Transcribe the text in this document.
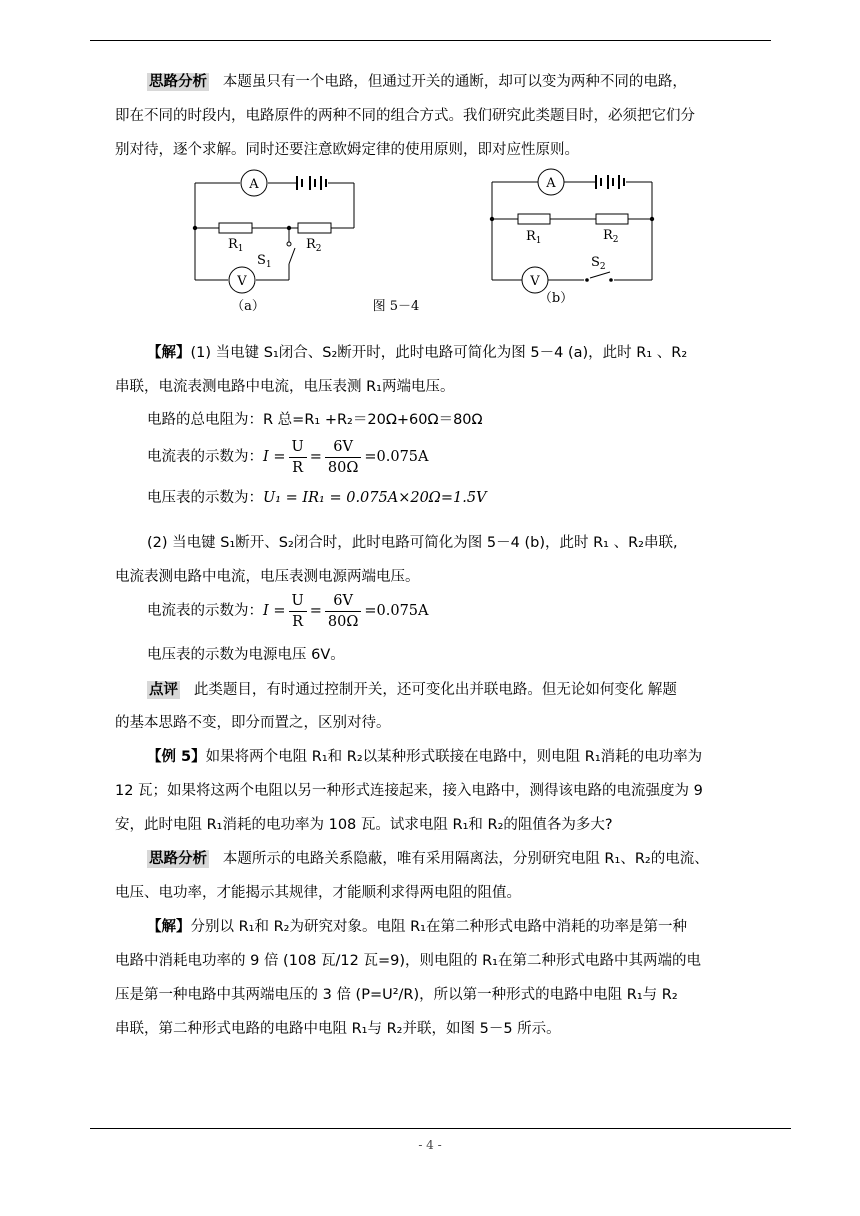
思路分析 本题虽只有一个电路，但通过开关的通断，却可以变为两种不同的电路，
即在不同的时段内，电路原件的两种不同的组合方式。我们研究此类题目时，必须把它们分
别对待，逐个求解。同时还要注意欧姆定律的使用原则，即对应性原则。
A
V
$R_1$	$R_2$
$S_1$
（a）	图 5－4
A
V
$R_1$	$R_2$
$S_2$
（b）
【解】(1) 当电键 S₁闭合、S₂断开时，此时电路可简化为图 5－4 (a)，此时 R₁ 、R₂
串联，电流表测电路中电流，电压表测 R₁两端电压。
电路的总电阻为：R 总=R₁ +R₂＝20Ω+60Ω＝80Ω
电流表的示数为： $I = \frac{U}{R} = \frac{6V}{80\Omega} =0.075A$
电压表的示数为：U₁ = IR₁ = 0.075A×20Ω=1.5V
(2) 当电键 S₁断开、S₂闭合时，此时电路可简化为图 5－4 (b)，此时 R₁ 、R₂串联,
电流表测电路中电流，电压表测电源两端电压。
电流表的示数为： $I = \frac{U}{R} = \frac{6V}{80\Omega} =0.075A$
电压表的示数为电源电压 6V。
点评 此类题目，有时通过控制开关，还可变化出并联电路。但无论如何变化 解题
的基本思路不变，即分而置之，区别对待。
【例 5】如果将两个电阻 R₁和 R₂以某种形式联接在电路中，则电阻 R₁消耗的电功率为
12 瓦；如果将这两个电阻以另一种形式连接起来，接入电路中，测得该电路的电流强度为 9
安，此时电阻 R₁消耗的电功率为 108 瓦。试求电阻 R₁和 R₂的阻值各为多大?
思路分析 本题所示的电路关系隐蔽，唯有采用隔离法，分别研究电阻 R₁、R₂的电流、
电压、电功率，才能揭示其规律，才能顺利求得两电阻的阻值。
【解】分别以 R₁和 R₂为研究对象。电阻 R₁在第二种形式电路中消耗的功率是第一种
电路中消耗电功率的 9 倍 (108 瓦/12 瓦=9)，则电阻的 R₁在第二种形式电路中其两端的电
压是第一种电路中其两端电压的 3 倍 (P=U²/R)，所以第一种形式的电路中电阻 R₁与 R₂
串联，第二种形式电路的电路中电阻 R₁与 R₂并联，如图 5－5 所示。
- 4 -
